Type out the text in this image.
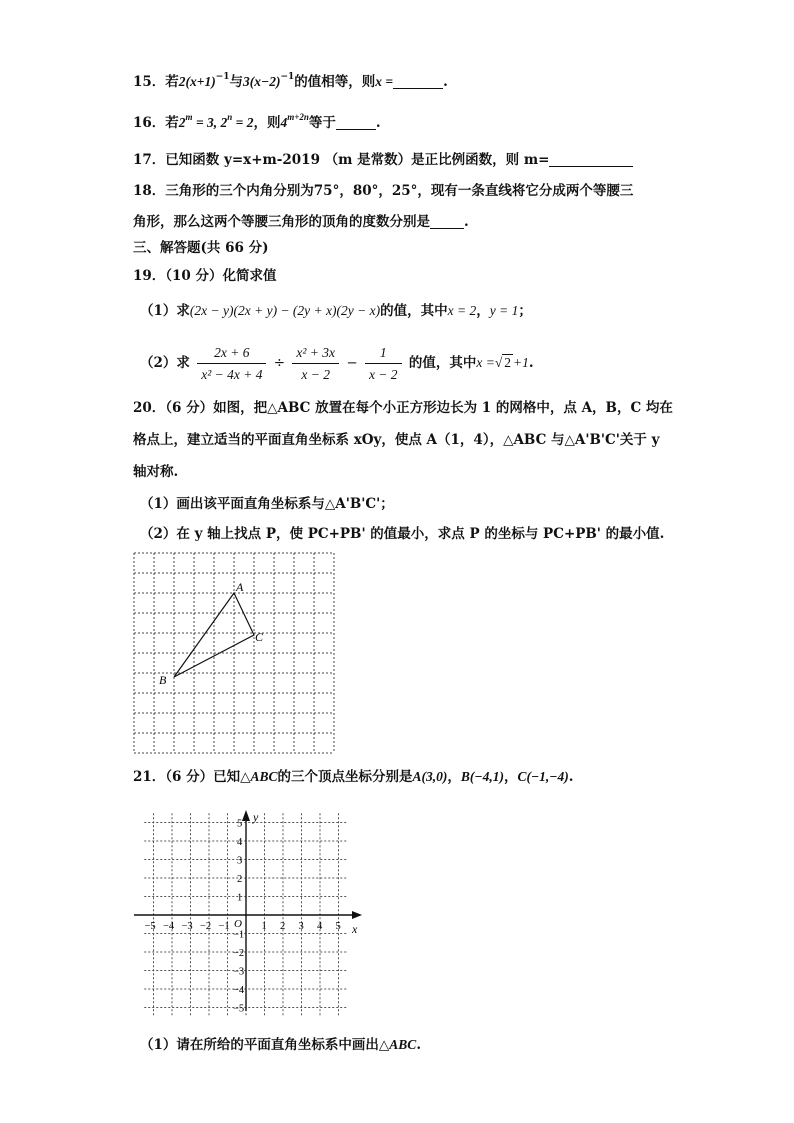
15．若$2(x+1)^{-1}$与$3(x-2)^{-1}$的值相等，则x =	.
16．若$2^m = 3$, $2^n = 2$，则$4^{m+2n}$等于	.
17．已知函数 y=x+m-2019 （m 是常数）是正比例函数，则 m=
18．三角形的三个内角分别为75°，80°，25°，现有一条直线将它分成两个等腰三
角形，那么这两个等腰三角形的顶角的度数分别是	.
三、解答题(共 66 分)
19．（10 分）化简求值
（1）求(2x − y)(2x + y) − (2y + x)(2y − x)的值，其中x = 2，y = 1；
（2）求 $\frac{2x + 6}{\text{x² − 4x + 4}} \div \frac{\text{x² + 3x}}{x - 2} - \frac{1}{x - 2}$ 的值，其中x =√ 2 +1.
20．（6 分）如图，把△ABC 放置在每个小正方形边长为 1 的网格中，点 A，B，C 均在
格点上，建立适当的平面直角坐标系 xOy，使点 A（1，4），△ABC 与△A'B'C'关于 y
轴对称.
（1）画出该平面直角坐标系与△A'B'C'；
（2）在 y 轴上找点 P，使 PC+PB' 的值最小，求点 P 的坐标与 PC+PB' 的最小值.
A
B
C
21．（6 分）已知△ABC的三个顶点坐标分别是A(3,0)，B(−4,1)，C(−1,−4).
x
y
O
−5 −4 −3 −2 −1	1 2 3 4 5
5
4
3
2
1
−1
−2
−3
−4
−5
（1）请在所给的平面直角坐标系中画出△ABC.
